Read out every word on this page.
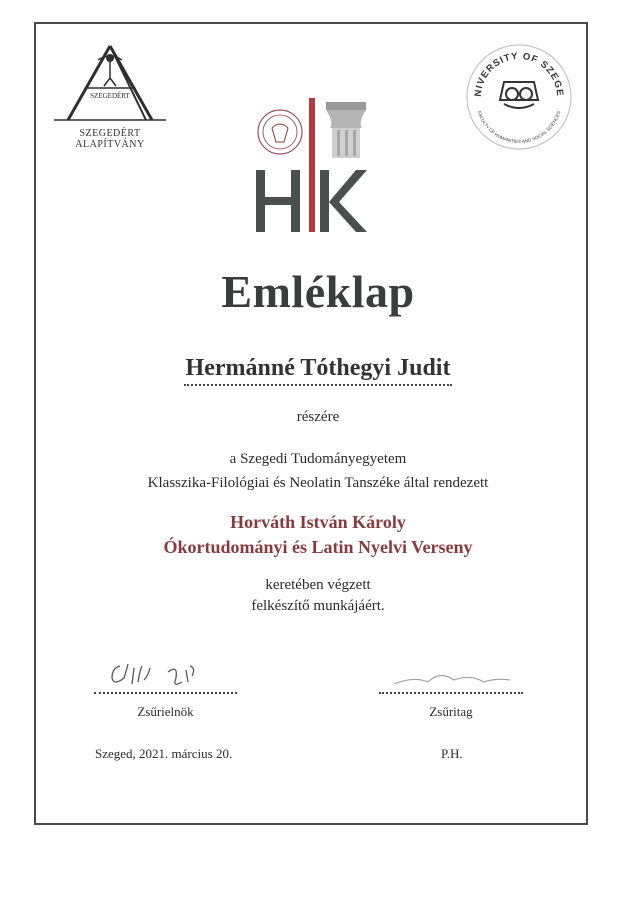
SZEGEDÉRT
SZEGEDÉRT ALAPÍTVÁNY
NIVERSITY OF SZEGE
FACULTY OF HUMANITIES AND SOCIAL SCIENCES
Emléklap
Hermánné Tóthegyi Judit
részére
a Szegedi Tudományegyetem
Klasszika-Filológiai és Neolatin Tanszéke által rendezett
Horváth István Károly
Ókortudományi és Latin Nyelvi Verseny
keretében végzett
felkészítő munkájáért.
Zsűrielnök	Zsűritag
Szeged, 2021. március 20.	P.H.
